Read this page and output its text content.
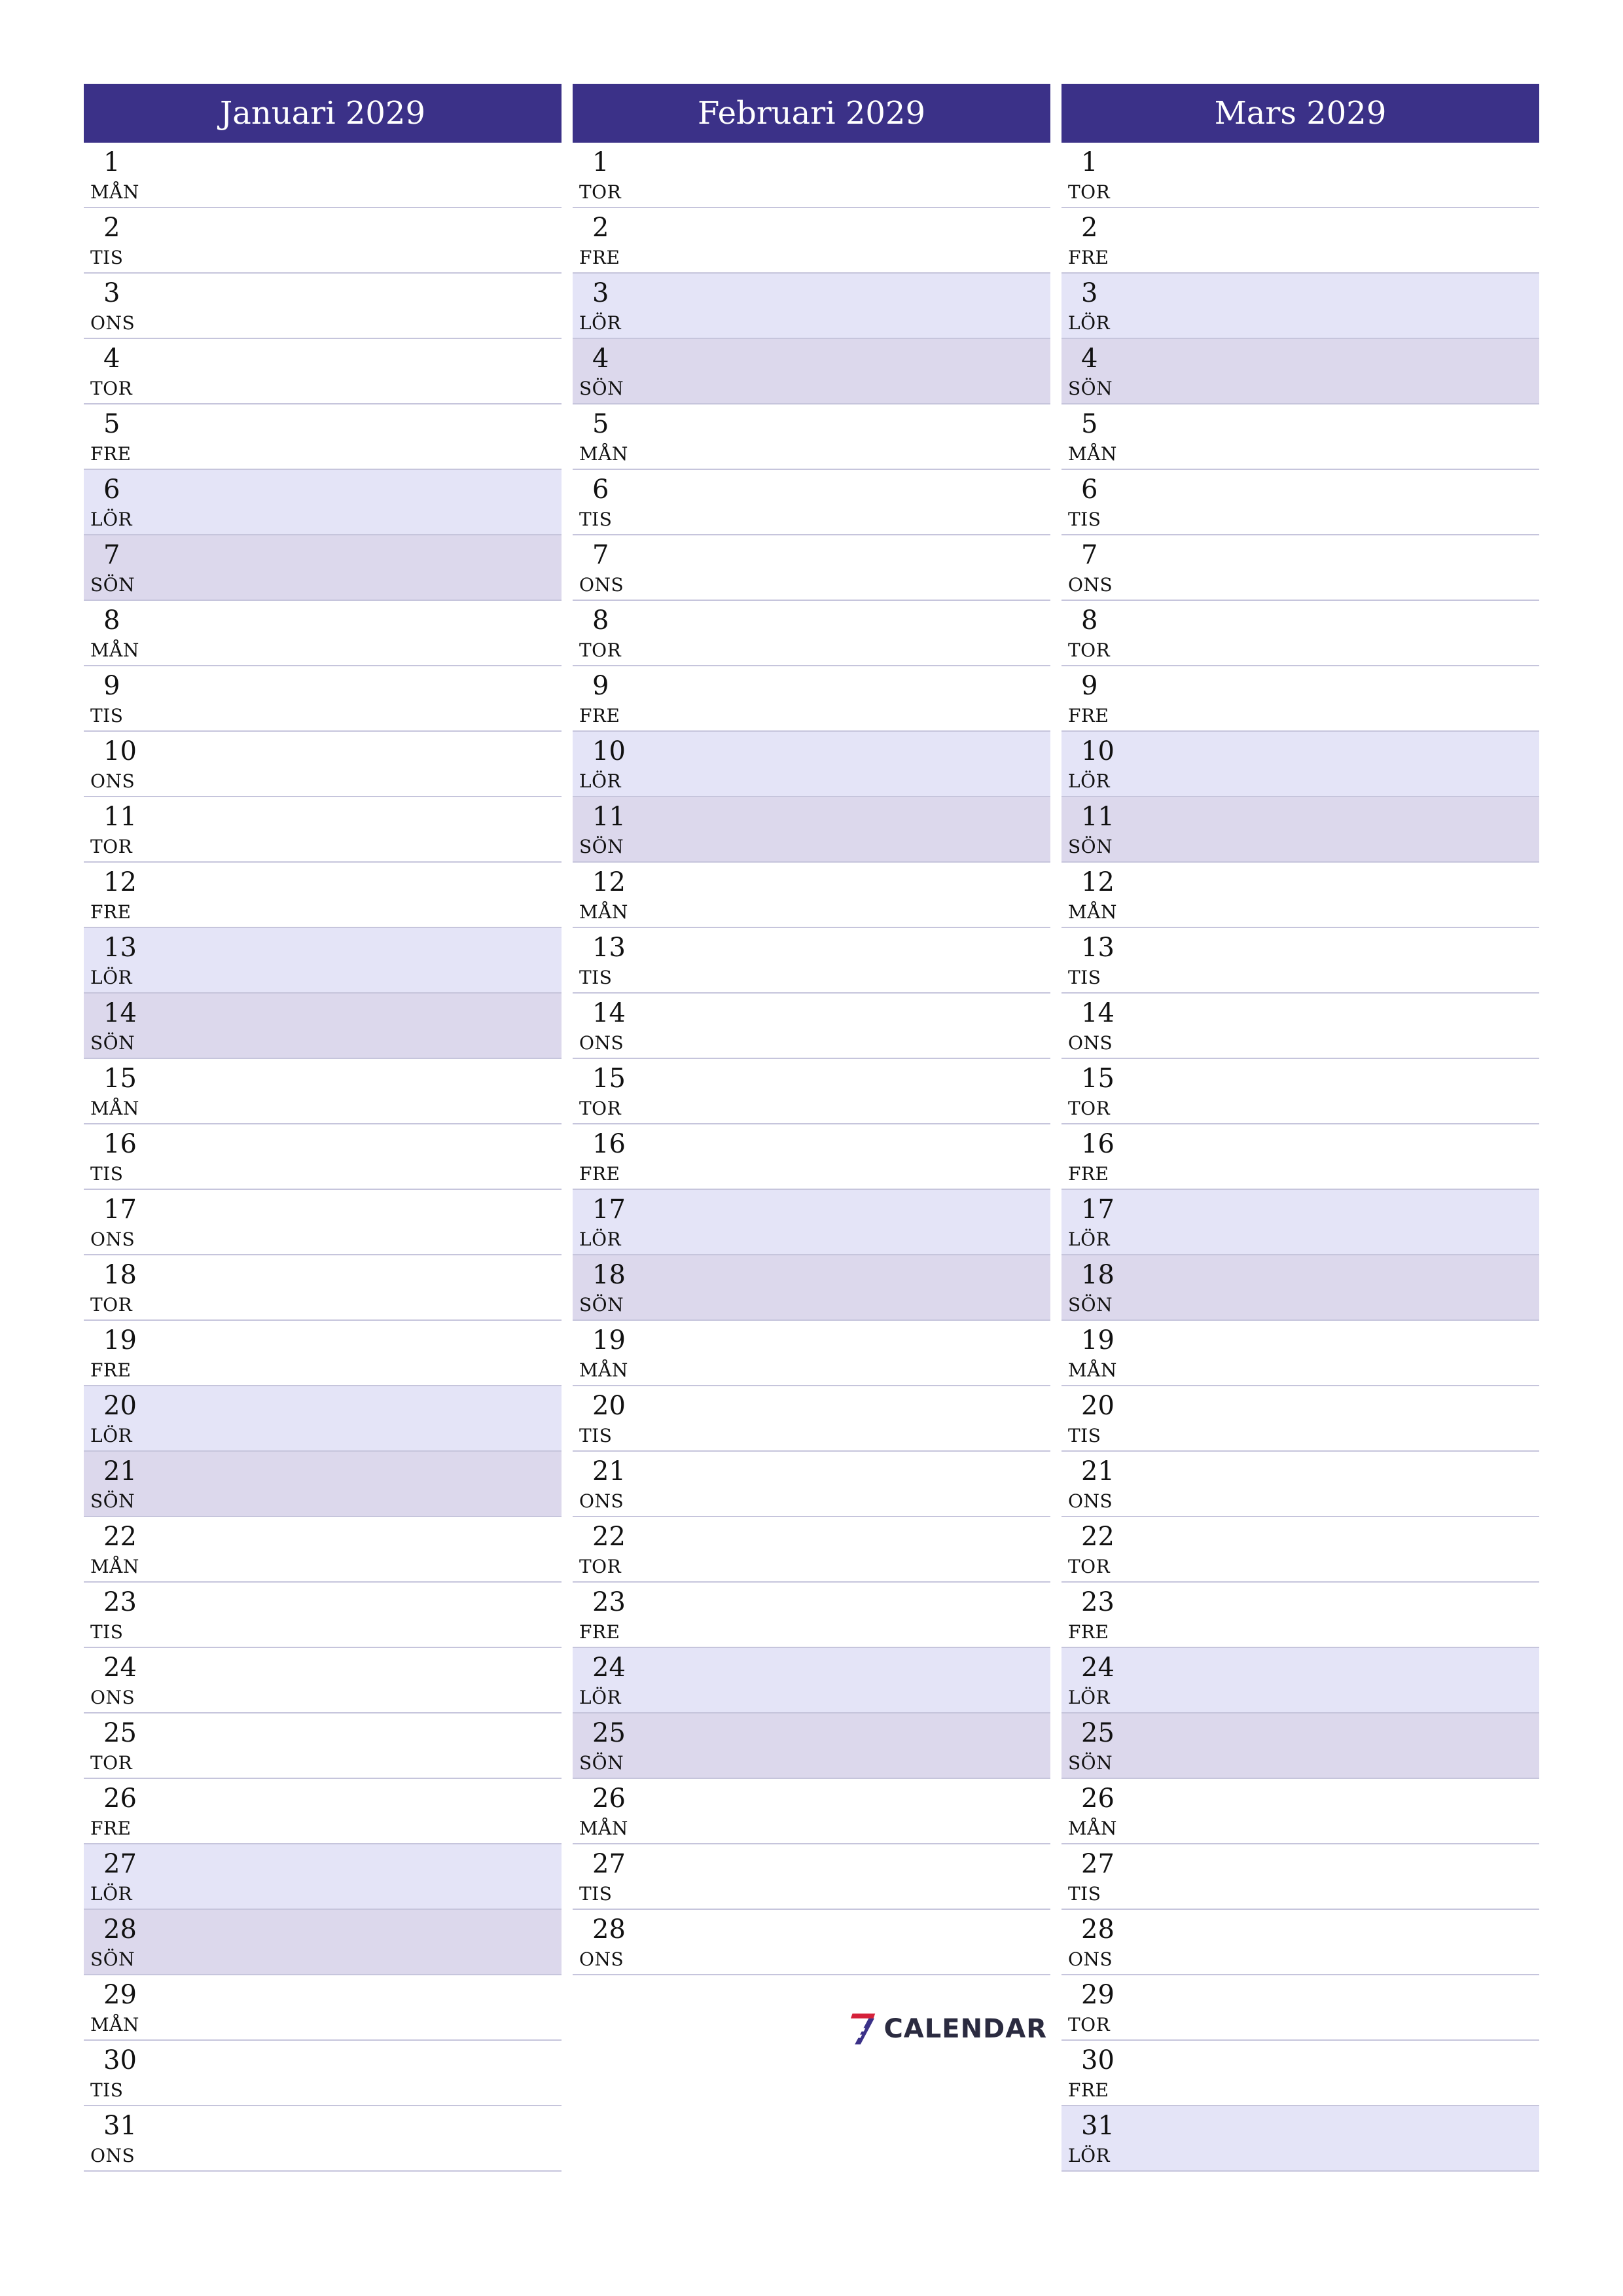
Januari 2029
1
MÅN
2
TIS
3
ONS
4
TOR
5
FRE
6
LÖR
7
SÖN
8
MÅN
9
TIS
10
ONS
11
TOR
12
FRE
13
LÖR
14
SÖN
15
MÅN
16
TIS
17
ONS
18
TOR
19
FRE
20
LÖR
21
SÖN
22
MÅN
23
TIS
24
ONS
25
TOR
26
FRE
27
LÖR
28
SÖN
29
MÅN
30
TIS
31
ONS
Februari 2029
1
TOR
2
FRE
3
LÖR
4
SÖN
5
MÅN
6
TIS
7
ONS
8
TOR
9
FRE
10
LÖR
11
SÖN
12
MÅN
13
TIS
14
ONS
15
TOR
16
FRE
17
LÖR
18
SÖN
19
MÅN
20
TIS
21
ONS
22
TOR
23
FRE
24
LÖR
25
SÖN
26
MÅN
27
TIS
28
ONS
Mars 2029
1
TOR
2
FRE
3
LÖR
4
SÖN
5
MÅN
6
TIS
7
ONS
8
TOR
9
FRE
10
LÖR
11
SÖN
12
MÅN
13
TIS
14
ONS
15
TOR
16
FRE
17
LÖR
18
SÖN
19
MÅN
20
TIS
21
ONS
22
TOR
23
FRE
24
LÖR
25
SÖN
26
MÅN
27
TIS
28
ONS
29
TOR
30
FRE
31
LÖR
CALENDAR
